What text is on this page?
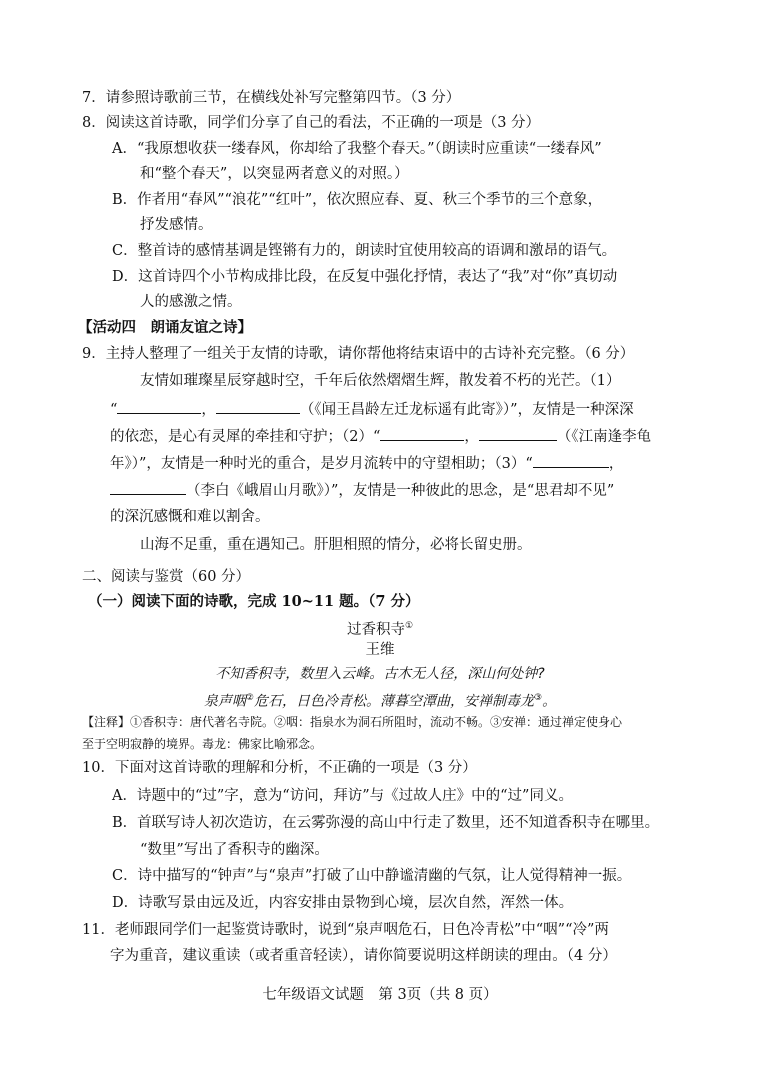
7．请参照诗歌前三节，在横线处补写完整第四节。（3 分）
8．阅读这首诗歌，同学们分享了自己的看法，不正确的一项是（3 分）
A．“我原想收获一缕春风，你却给了我整个春天。”（朗读时应重读“一缕春风”
和“整个春天”，以突显两者意义的对照。）
B．作者用“春风”“浪花”“红叶”，依次照应春、夏、秋三个季节的三个意象，
抒发感情。
C．整首诗的感情基调是铿锵有力的，朗读时宜使用较高的语调和激昂的语气。
D．这首诗四个小节构成排比段，在反复中强化抒情，表达了“我”对“你”真切动
人的感激之情。
【活动四　朗诵友谊之诗】
9．主持人整理了一组关于友情的诗歌，请你帮他将结束语中的古诗补充完整。（6 分）
友情如璀璨星辰穿越时空，千年后依然熠熠生辉，散发着不朽的光芒。（1）
“	，	（《闻王昌龄左迁龙标遥有此寄》）”，友情是一种深深
的依恋，是心有灵犀的牵挂和守护；（2）“	，	（《江南逢李龟
年》）”，友情是一种时光的重合，是岁月流转中的守望相助；（3）“	，
（李白《峨眉山月歌》）”，友情是一种彼此的思念，是“思君却不见”
的深沉感慨和难以割舍。
山海不足重，重在遇知己。肝胆相照的情分，必将长留史册。
二、阅读与鉴赏（60 分）
（一）阅读下面的诗歌，完成 10~11 题。（7 分）
过香积寺①
王维
不知香积寺，数里入云峰。古木无人径，深山何处钟?
泉声咽②危石，日色冷青松。薄暮空潭曲，安禅制毒龙③。
【注释】①香积寺：唐代著名寺院。②咽：指泉水为洞石所阻时，流动不畅。③安禅：通过禅定使身心
至于空明寂静的境界。毒龙：佛家比喻邪念。
10．下面对这首诗歌的理解和分析，不正确的一项是（3 分）
A．诗题中的“过”字，意为“访问，拜访”与《过故人庄》中的“过”同义。
B．首联写诗人初次造访，在云雾弥漫的高山中行走了数里，还不知道香积寺在哪里。
“数里”写出了香积寺的幽深。
C．诗中描写的“钟声”与“泉声”打破了山中静谧清幽的气氛，让人觉得精神一振。
D．诗歌写景由远及近，内容安排由景物到心境，层次自然，浑然一体。
11．老师跟同学们一起鉴赏诗歌时，说到“泉声咽危石，日色冷青松”中“咽”“冷”两
字为重音，建议重读（或者重音轻读），请你简要说明这样朗读的理由。（4 分）
七年级语文试题　第 3页（共 8 页）
